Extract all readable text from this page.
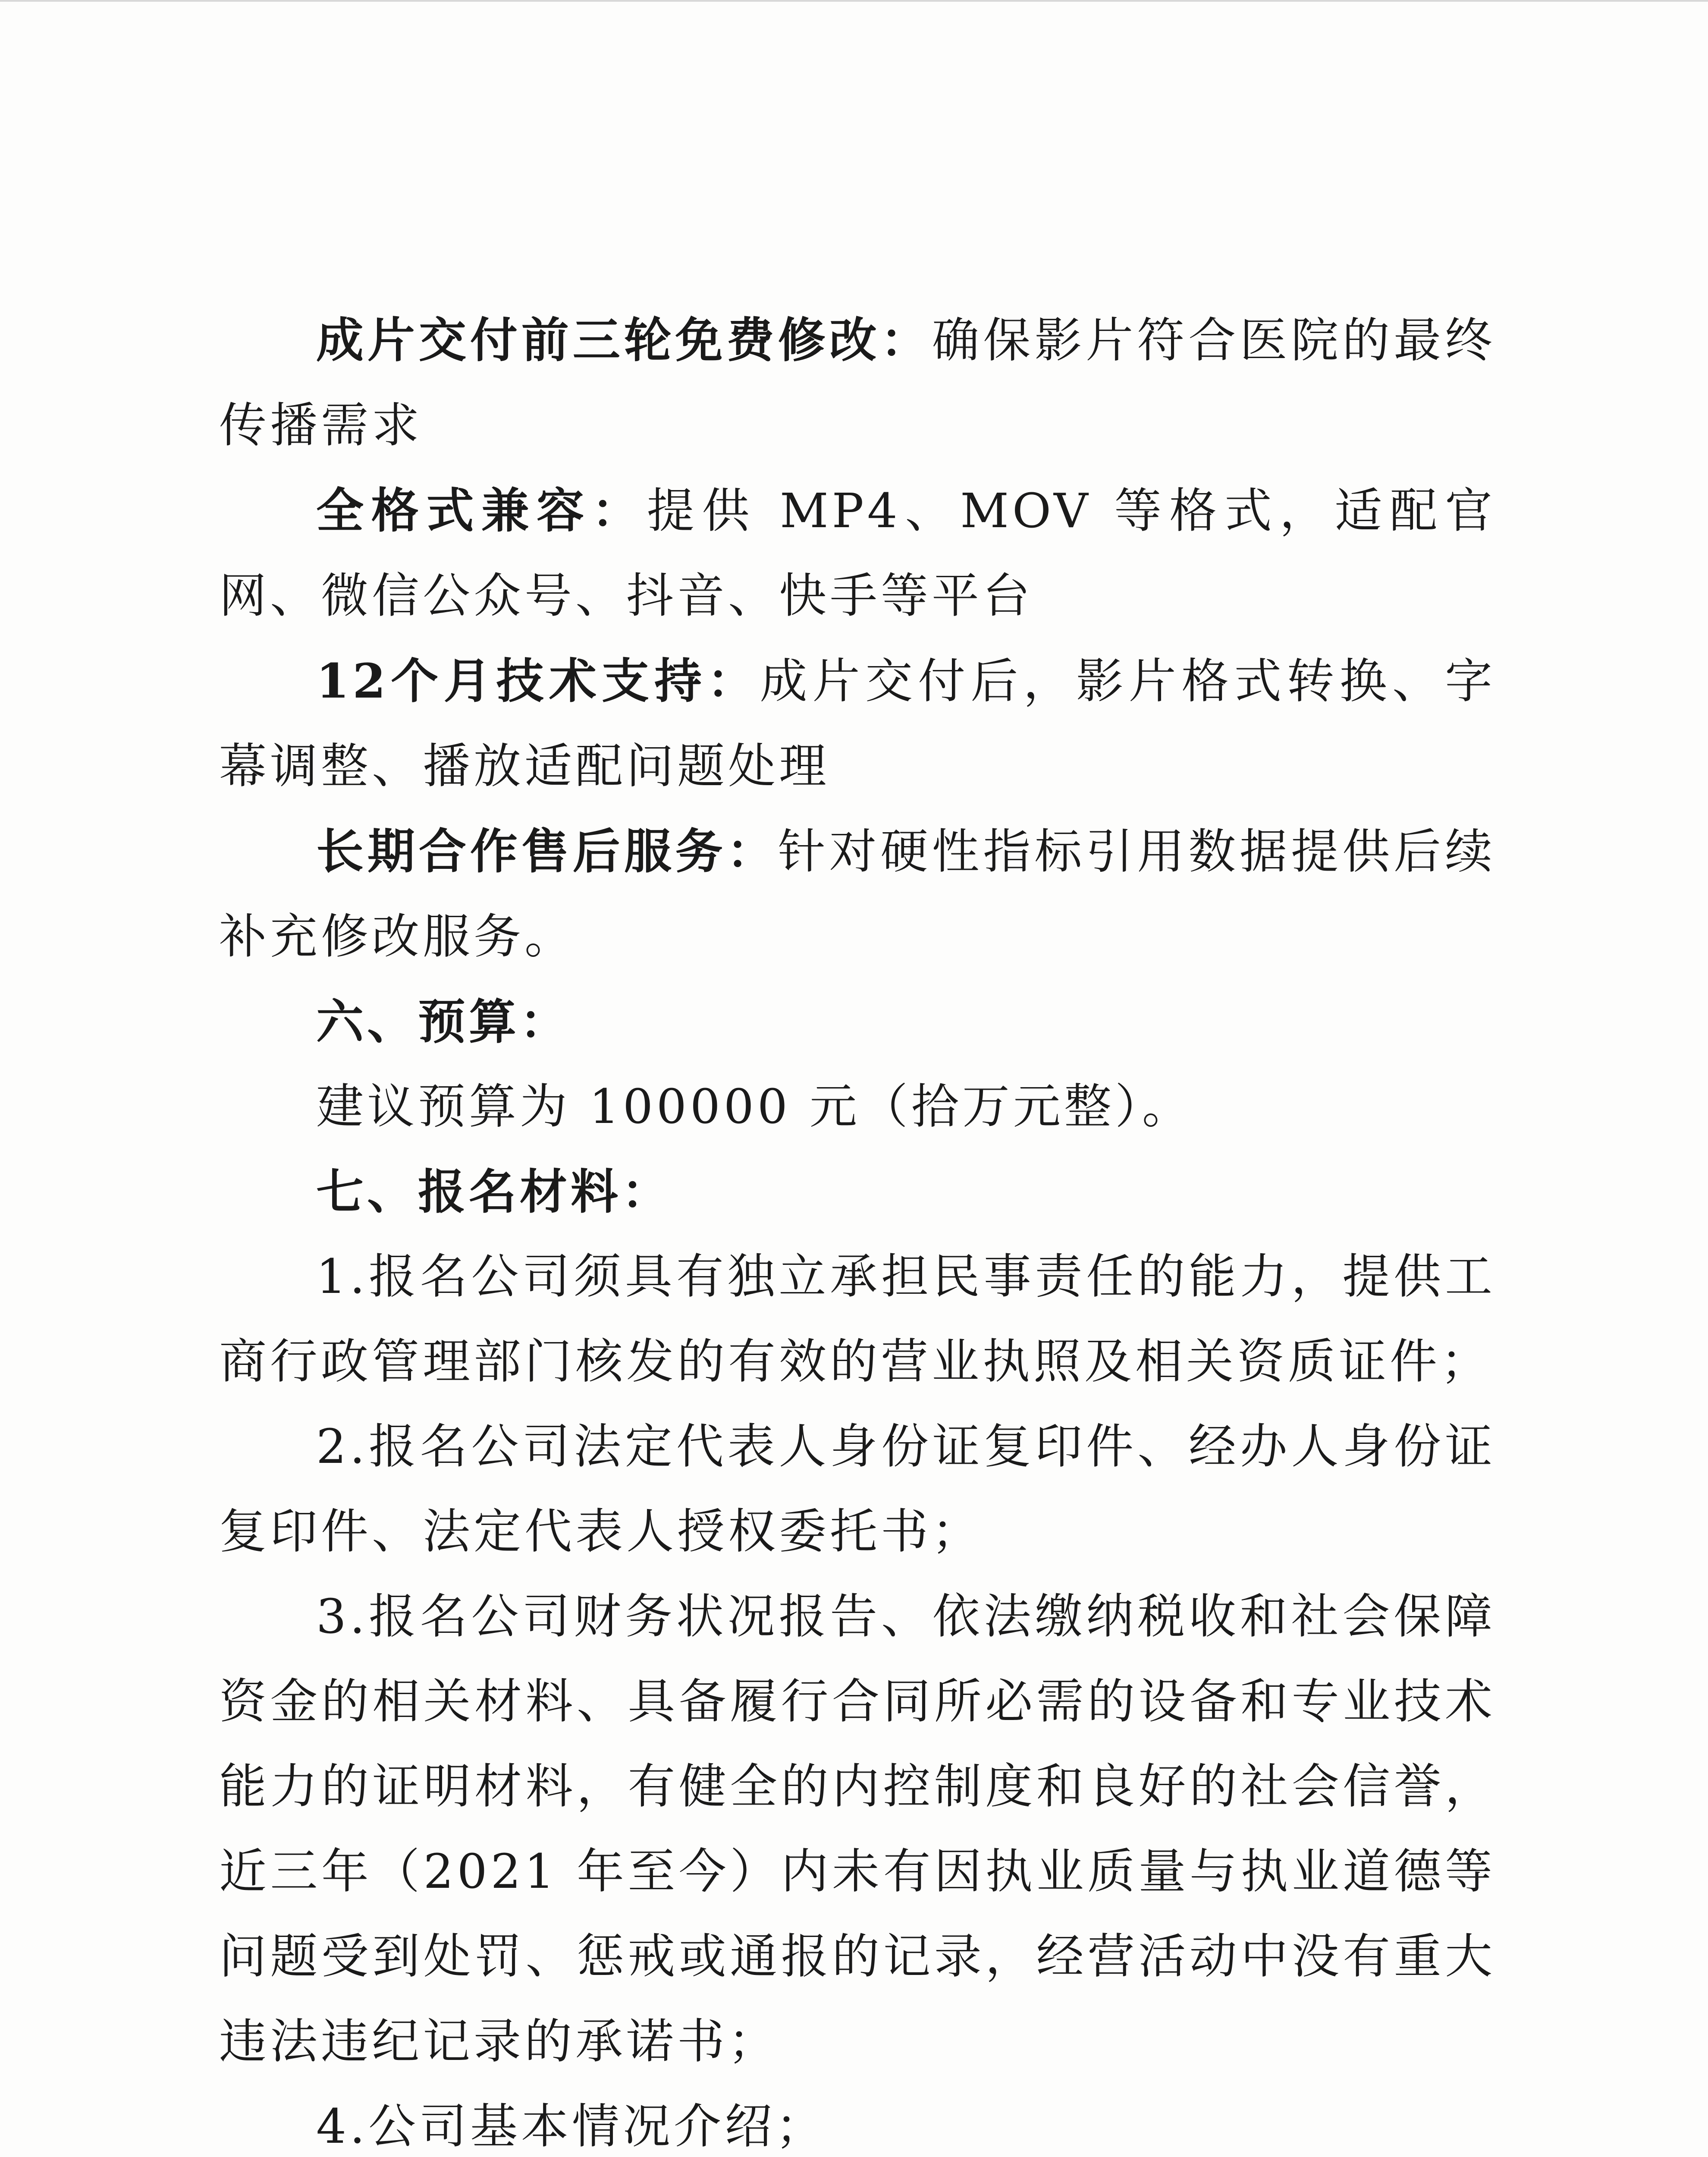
成片交付前三轮免费修改：确保影片符合医院的最终传播需求

全格式兼容：提供 MP4、MOV 等格式，适配官网、微信公众号、抖音、快手等平台

12个月技术支持：成片交付后，影片格式转换、字幕调整、播放适配问题处理

长期合作售后服务：针对硬性指标引用数据提供后续补充修改服务。

六、预算：

建议预算为 100000 元（拾万元整）。

七、报名材料：

1.报名公司须具有独立承担民事责任的能力，提供工商行政管理部门核发的有效的营业执照及相关资质证件；

2.报名公司法定代表人身份证复印件、经办人身份证复印件、法定代表人授权委托书；

3.报名公司财务状况报告、依法缴纳税收和社会保障资金的相关材料、具备履行合同所必需的设备和专业技术能力的证明材料，有健全的内控制度和良好的社会信誉，近三年（2021 年至今）内未有因执业质量与执业道德等问题受到处罚、惩戒或通报的记录，经营活动中没有重大违法违纪记录的承诺书；

4.公司基本情况介绍；
